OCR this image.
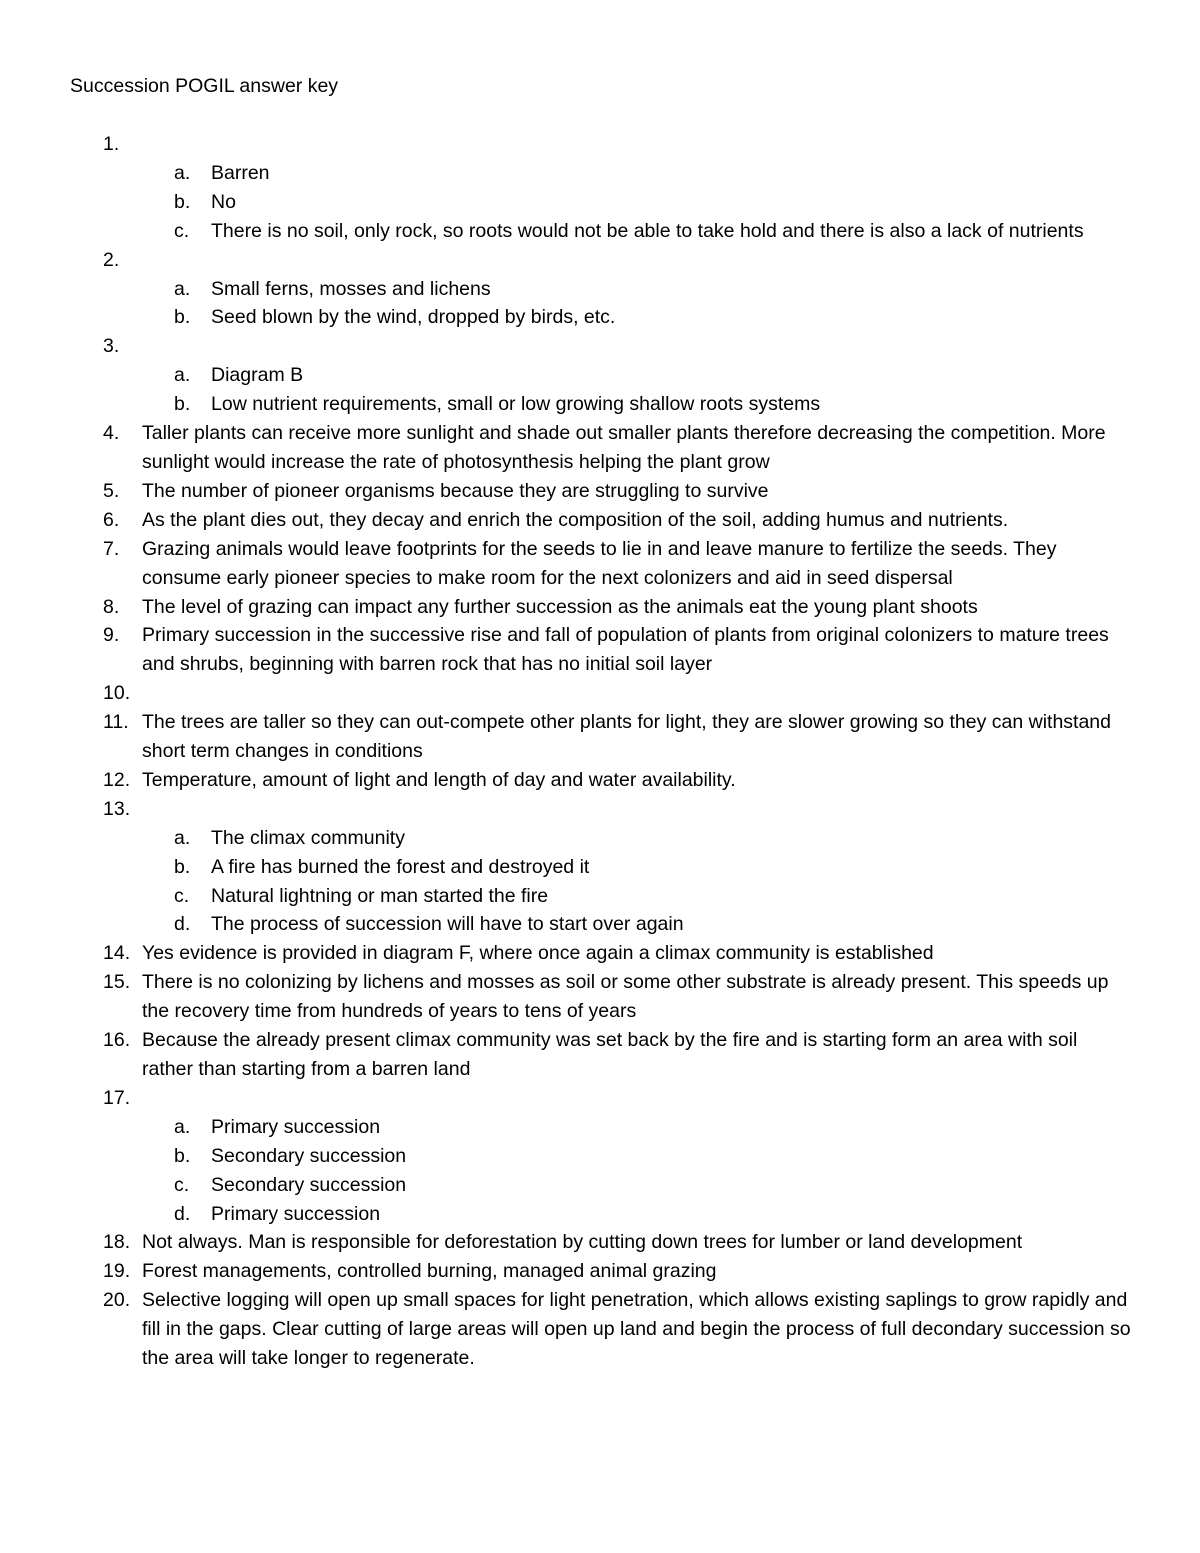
Succession POGIL answer key
1.
a.	Barren
b.	No
c.	There is no soil, only rock, so roots would not be able to take hold and there is also a lack of nutrients
2.
a.	Small ferns, mosses and lichens
b.	Seed blown by the wind, dropped by birds, etc.
3.
a.	Diagram B
b.	Low nutrient requirements, small or low growing shallow roots systems
4.	Taller plants can receive more sunlight and shade out smaller plants therefore decreasing the competition. More sunlight would increase the rate of photosynthesis helping the plant grow
5.	The number of pioneer organisms because they are struggling to survive
6.	As the plant dies out, they decay and enrich the composition of the soil, adding humus and nutrients.
7.	Grazing animals would leave footprints for the seeds to lie in and leave manure to fertilize the seeds. They consume early pioneer species to make room for the next colonizers and aid in seed dispersal
8.	The level of grazing can impact any further succession as the animals eat the young plant shoots
9.	Primary succession in the successive rise and fall of population of plants from original colonizers to mature trees and shrubs, beginning with barren rock that has no initial soil layer
10.
11. The trees are taller so they can out-compete other plants for light, they are slower growing so they can withstand short term changes in conditions
12. Temperature, amount of light and length of day and water availability.
13.
a.	The climax community
b.	A fire has burned the forest and destroyed it
c.	Natural lightning or man started the fire
d.	The process of succession will have to start over again
14. Yes evidence is provided in diagram F, where once again a climax community is established
15. There is no colonizing by lichens and mosses as soil or some other substrate is already present. This speeds up the recovery time from hundreds of years to tens of years
16. Because the already present climax community was set back by the fire and is starting form an area with soil rather than starting from a barren land
17.
a.	Primary succession
b.	Secondary succession
c.	Secondary succession
d.	Primary succession
18. Not always. Man is responsible for deforestation by cutting down trees for lumber or land development
19. Forest managements, controlled burning, managed animal grazing
20. Selective logging will open up small spaces for light penetration, which allows existing saplings to grow rapidly and fill in the gaps. Clear cutting of large areas will open up land and begin the process of full decondary succession so the area will take longer to regenerate.
